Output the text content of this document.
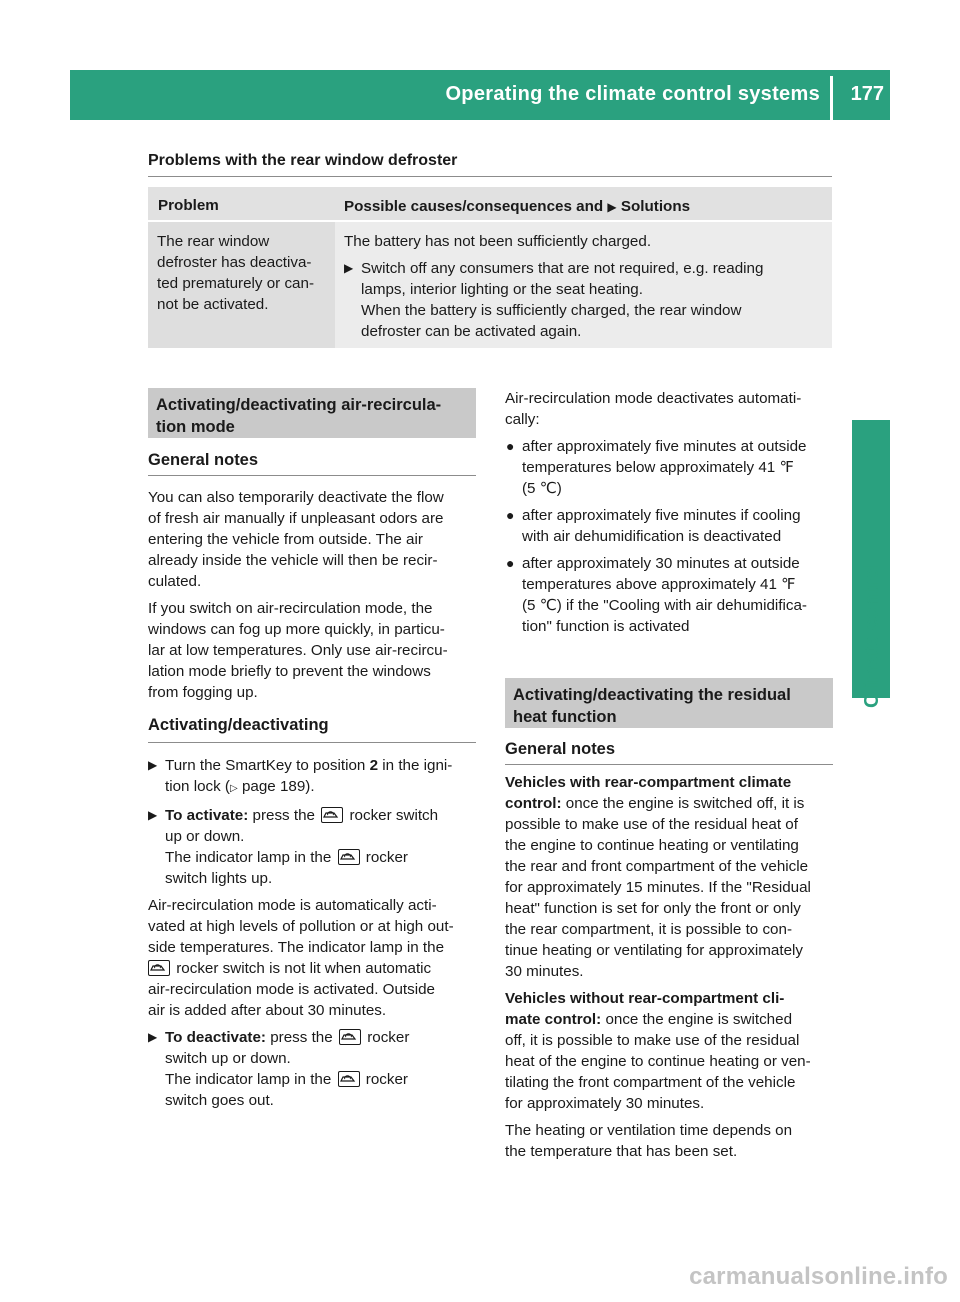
Operating the climate control systems 177
Climate control
Problems with the rear window defroster
Problem	Possible causes/consequences and ▶ Solutions
The rear window
defroster has deactiva-
ted prematurely or can-
not be activated.
The battery has not been sufficiently charged.
▶ Switch off any consumers that are not required, e.g. reading
lamps, interior lighting or the seat heating.
When the battery is sufficiently charged, the rear window
defroster can be activated again.
Activating/deactivating air-recircula-
tion mode
General notes
You can also temporarily deactivate the flow
of fresh air manually if unpleasant odors are
entering the vehicle from outside. The air
already inside the vehicle will then be recir-
culated.
If you switch on air-recirculation mode, the
windows can fog up more quickly, in particu-
lar at low temperatures. Only use air-recircu-
lation mode briefly to prevent the windows
from fogging up.
Activating/deactivating
▶ Turn the SmartKey to position 2 in the igni-
tion lock (▷ page 189).
▶ To activate: press the rocker switch
up or down.
The indicator lamp in the rocker
switch lights up.
Air-recirculation mode is automatically acti-
vated at high levels of pollution or at high out-
side temperatures. The indicator lamp in the
rocker switch is not lit when automatic
air-recirculation mode is activated. Outside
air is added after about 30 minutes.
▶ To deactivate: press the rocker
switch up or down.
The indicator lamp in the rocker
switch goes out.
Air-recirculation mode deactivates automati-
cally:
● after approximately five minutes at outside
temperatures below approximately 41 ℉
(5 ℃)
● after approximately five minutes if cooling
with air dehumidification is deactivated
● after approximately 30 minutes at outside
temperatures above approximately 41 ℉
(5 ℃) if the "Cooling with air dehumidifica-
tion" function is activated
Activating/deactivating the residual
heat function
General notes
Vehicles with rear-compartment climate
control: once the engine is switched off, it is
possible to make use of the residual heat of
the engine to continue heating or ventilating
the rear and front compartment of the vehicle
for approximately 15 minutes. If the "Residual
heat" function is set for only the front or only
the rear compartment, it is possible to con-
tinue heating or ventilating for approximately
30 minutes.
Vehicles without rear-compartment cli-
mate control: once the engine is switched
off, it is possible to make use of the residual
heat of the engine to continue heating or ven-
tilating the front compartment of the vehicle
for approximately 30 minutes.
The heating or ventilation time depends on
the temperature that has been set.
carmanualsonline.info
